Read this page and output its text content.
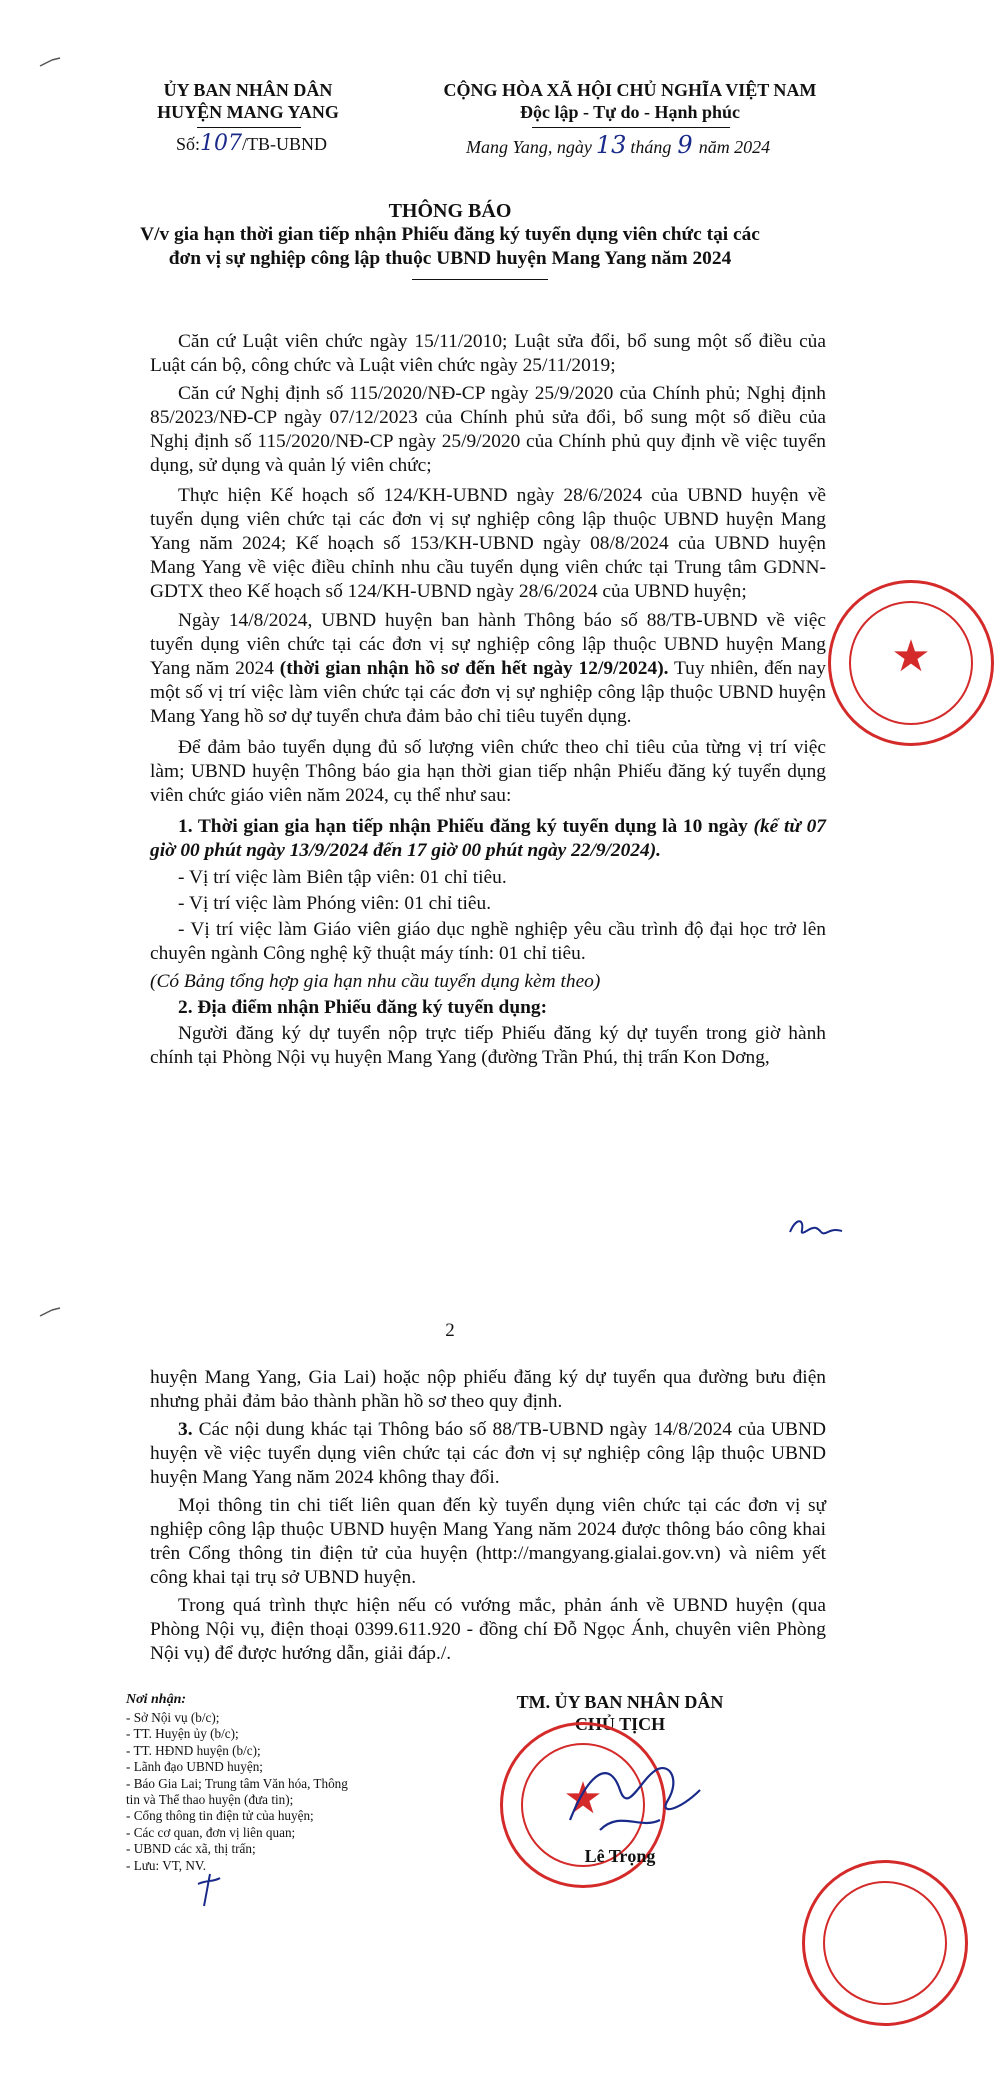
ỦY BAN NHÂN DÂN
HUYỆN MANG YANG
Số:107/TB-UBND
CỘNG HÒA XÃ HỘI CHỦ NGHĨA VIỆT NAM
Độc lập - Tự do - Hạnh phúc
Mang Yang, ngày 13 tháng 9 năm 2024
THÔNG BÁO
V/v gia hạn thời gian tiếp nhận Phiếu đăng ký tuyển dụng viên chức tại các
đơn vị sự nghiệp công lập thuộc UBND huyện Mang Yang năm 2024
Căn cứ Luật viên chức ngày 15/11/2010; Luật sửa đổi, bổ sung một số điều của Luật cán bộ, công chức và Luật viên chức ngày 25/11/2019;
Căn cứ Nghị định số 115/2020/NĐ-CP ngày 25/9/2020 của Chính phủ; Nghị định 85/2023/NĐ-CP ngày 07/12/2023 của Chính phủ sửa đổi, bổ sung một số điều của Nghị định số 115/2020/NĐ-CP ngày 25/9/2020 của Chính phủ quy định về việc tuyển dụng, sử dụng và quản lý viên chức;
Thực hiện Kế hoạch số 124/KH-UBND ngày 28/6/2024 của UBND huyện về tuyển dụng viên chức tại các đơn vị sự nghiệp công lập thuộc UBND huyện Mang Yang năm 2024; Kế hoạch số 153/KH-UBND ngày 08/8/2024 của UBND huyện Mang Yang về việc điều chỉnh nhu cầu tuyển dụng viên chức tại Trung tâm GDNN-GDTX theo Kế hoạch số 124/KH-UBND ngày 28/6/2024 của UBND huyện;
Ngày 14/8/2024, UBND huyện ban hành Thông báo số 88/TB-UBND về việc tuyển dụng viên chức tại các đơn vị sự nghiệp công lập thuộc UBND huyện Mang Yang năm 2024 (thời gian nhận hồ sơ đến hết ngày 12/9/2024). Tuy nhiên, đến nay một số vị trí việc làm viên chức tại các đơn vị sự nghiệp công lập thuộc UBND huyện Mang Yang hồ sơ dự tuyển chưa đảm bảo chỉ tiêu tuyển dụng.
Để đảm bảo tuyển dụng đủ số lượng viên chức theo chỉ tiêu của từng vị trí việc làm; UBND huyện Thông báo gia hạn thời gian tiếp nhận Phiếu đăng ký tuyển dụng viên chức giáo viên năm 2024, cụ thể như sau:
1. Thời gian gia hạn tiếp nhận Phiếu đăng ký tuyển dụng là 10 ngày (kể từ 07 giờ 00 phút ngày 13/9/2024 đến 17 giờ 00 phút ngày 22/9/2024).
- Vị trí việc làm Biên tập viên: 01 chỉ tiêu.
- Vị trí việc làm Phóng viên: 01 chỉ tiêu.
- Vị trí việc làm Giáo viên giáo dục nghề nghiệp yêu cầu trình độ đại học trở lên chuyên ngành Công nghệ kỹ thuật máy tính: 01 chỉ tiêu.
(Có Bảng tổng hợp gia hạn nhu cầu tuyển dụng kèm theo)
2. Địa điểm nhận Phiếu đăng ký tuyển dụng:
Người đăng ký dự tuyển nộp trực tiếp Phiếu đăng ký dự tuyển trong giờ hành chính tại Phòng Nội vụ huyện Mang Yang (đường Trần Phú, thị trấn Kon Dơng,
★
2
huyện Mang Yang, Gia Lai) hoặc nộp phiếu đăng ký dự tuyển qua đường bưu điện nhưng phải đảm bảo thành phần hồ sơ theo quy định.
3. Các nội dung khác tại Thông báo số 88/TB-UBND ngày 14/8/2024 của UBND huyện về việc tuyển dụng viên chức tại các đơn vị sự nghiệp công lập thuộc UBND huyện Mang Yang năm 2024 không thay đổi.
Mọi thông tin chi tiết liên quan đến kỳ tuyển dụng viên chức tại các đơn vị sự nghiệp công lập thuộc UBND huyện Mang Yang năm 2024 được thông báo công khai trên Cổng thông tin điện tử của huyện (http://mangyang.gialai.gov.vn) và niêm yết công khai tại trụ sở UBND huyện.
Trong quá trình thực hiện nếu có vướng mắc, phản ánh về UBND huyện (qua Phòng Nội vụ, điện thoại 0399.611.920 - đồng chí Đỗ Ngọc Ánh, chuyên viên Phòng Nội vụ) để được hướng dẫn, giải đáp./.
Nơi nhận:
- Sở Nội vụ (b/c);
- TT. Huyện ủy (b/c);
- TT. HĐND huyện (b/c);
- Lãnh đạo UBND huyện;
- Báo Gia Lai; Trung tâm Văn hóa, Thông
tin và Thể thao huyện (đưa tin);
- Cổng thông tin điện tử của huyện;
- Các cơ quan, đơn vị liên quan;
- UBND các xã, thị trấn;
- Lưu: VT, NV.
TM. ỦY BAN NHÂN DÂN
CHỦ TỊCH
★
Lê Trọng
